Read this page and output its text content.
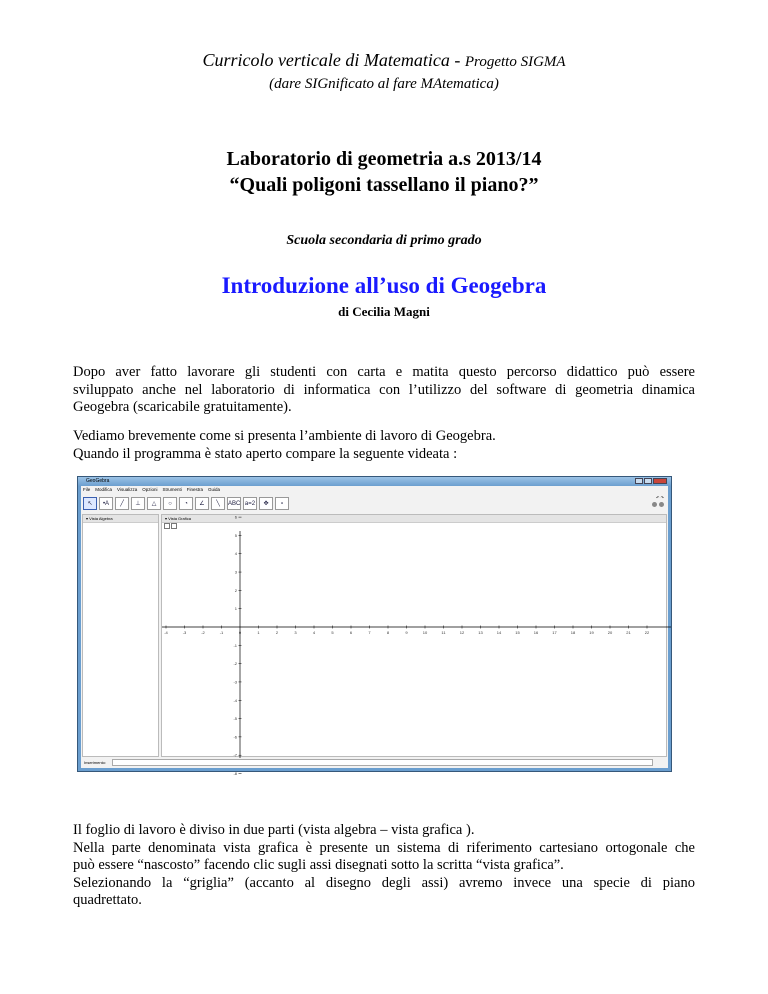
Curricolo verticale di Matematica - Progetto SIGMA
(dare SIGnificato al fare MAtematica)
Laboratorio di geometria a.s 2013/14
“Quali poligoni tassellano il piano?”
Scuola secondaria di primo grado
Introduzione all’uso di Geogebra
di Cecilia Magni
Dopo aver fatto lavorare gli studenti con carta e matita questo percorso didattico può essere
sviluppato anche nel laboratorio di informatica con l’utilizzo del software di geometria dinamica
Geogebra (scaricabile gratuitamente).
Vediamo brevemente come si presenta l’ambiente di lavoro di Geogebra.
Quando il programma è stato aperto compare la seguente videata :
GeoGebra
File Modifica Visualizza Opzioni Strumenti Finestra Guida
↖	•A	╱	⊥	△	○	◔	∠	╲	ABC a=2	✥	∘
↶ ↷
▾ Vista Algebra	▾ Vista Grafica
-4	-3	-2	-1	0	1	2	3	4	5	6	7	8	9	10	11	12	13	14	15	16	17	18	19	20	21	22
6
5
4
3
2
1
-1
-2
-3
-4
-5
-6
-7
-8
Inserimento:
Il foglio di lavoro è diviso in due parti (vista algebra – vista grafica ).
Nella parte denominata vista grafica è presente un sistema di riferimento cartesiano ortogonale che
può essere “nascosto” facendo clic sugli assi disegnati sotto la scritta “vista grafica”.
Selezionando la “griglia” (accanto al disegno degli assi) avremo invece una specie di piano
quadrettato.
